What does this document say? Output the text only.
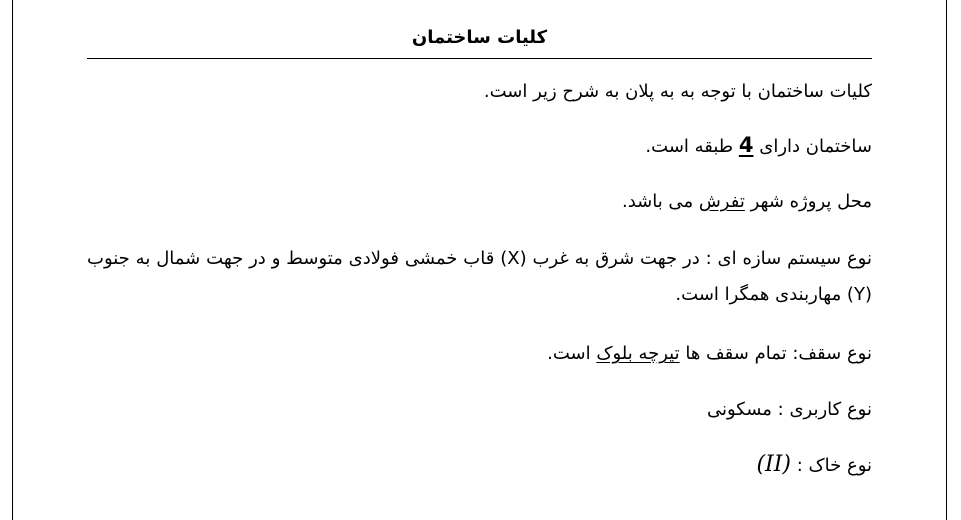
کلیات ساختمان
کلیات ساختمان با توجه به به پلان به شرح زیر است.
ساختمان دارای 4 طبقه است.
محل پروژه شهر تفرش می باشد.
نوع سیستم سازه ای : در جهت شرق به غرب (X) قاب خمشی فولادی متوسط و در جهت شمال به جنوب (Y) مهاربندی همگرا است.
نوع سقف: تمام سقف ها تیرچه بلوک است.
نوع کاربری : مسکونی
نوع خاک : (II)
